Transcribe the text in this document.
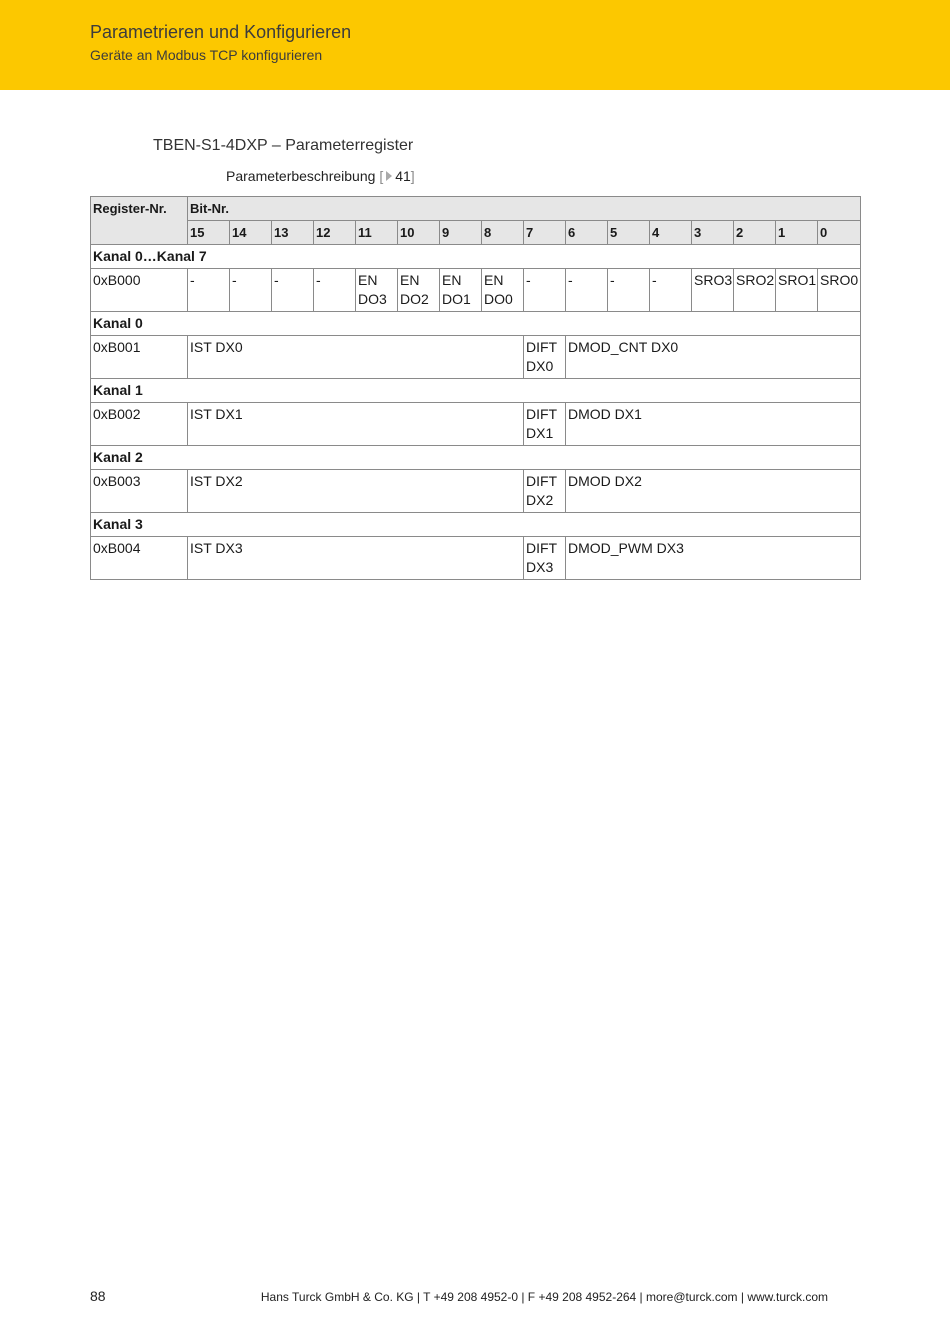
Parametrieren und Konfigurieren
Geräte an Modbus TCP konfigurieren
TBEN-S1-4DXP – Parameterregister
Parameterbeschreibung [ 41]
Register-Nr.	Bit-Nr.															
	15	14	13	12	11	10	9	8	7	6	5	4	3	2	1	0
Kanal 0…Kanal 7																
0xB000	-	-	-	-	EN DO3	EN DO2	EN DO1	EN DO0	-	-	-	-	SRO3	SRO2	SRO1	SRO0
Kanal 0																
0xB001	IST DX0								DIFT DX0	DMOD_CNT DX0						
Kanal 1																
0xB002	IST DX1								DIFT DX1	DMOD DX1						
Kanal 2																
0xB003	IST DX2								DIFT DX2	DMOD DX2						
Kanal 3																
0xB004	IST DX3								DIFT DX3	DMOD_PWM DX3						
88	Hans Turck GmbH & Co. KG | T +49 208 4952-0 | F +49 208 4952-264 | more@turck.com | www.turck.com
